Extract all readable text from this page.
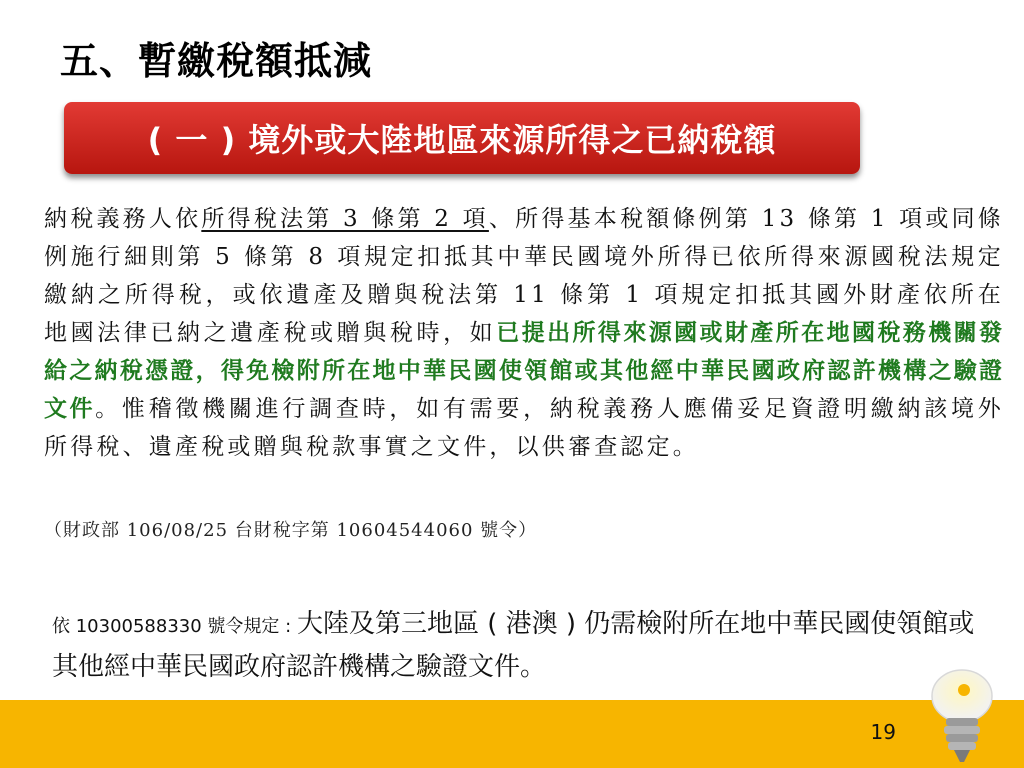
五、暫繳稅額抵減
( 一 ) 境外或大陸地區來源所得之已納稅額

納稅義務人依所得稅法第 3 條第 2 項、所得基本稅額條例第 13 條第 1 項或同條例施行細則第 5 條第 8 項規定扣抵其中華民國境外所得已依所得來源國稅法規定繳納之所得稅，或依遺產及贈與稅法第 11 條第 1 項規定扣抵其國外財產依所在地國法律已納之遺產稅或贈與稅時，如已提出所得來源國或財產所在地國稅務機關發給之納稅憑證，得免檢附所在地中華民國使領館或其他經中華民國政府認許機構之驗證文件。惟稽徵機關進行調查時，如有需要，納稅義務人應備妥足資證明繳納該境外所得稅、遺產稅或贈與稅款事實之文件，以供審查認定。

（財政部 106/08/25 台財稅字第 10604544060 號令）

依 10300588330 號令規定 : 大陸及第三地區 ( 港澳 ) 仍需檢附所在地中華民國使領館或其他經中華民國政府認許機構之驗證文件。

19
